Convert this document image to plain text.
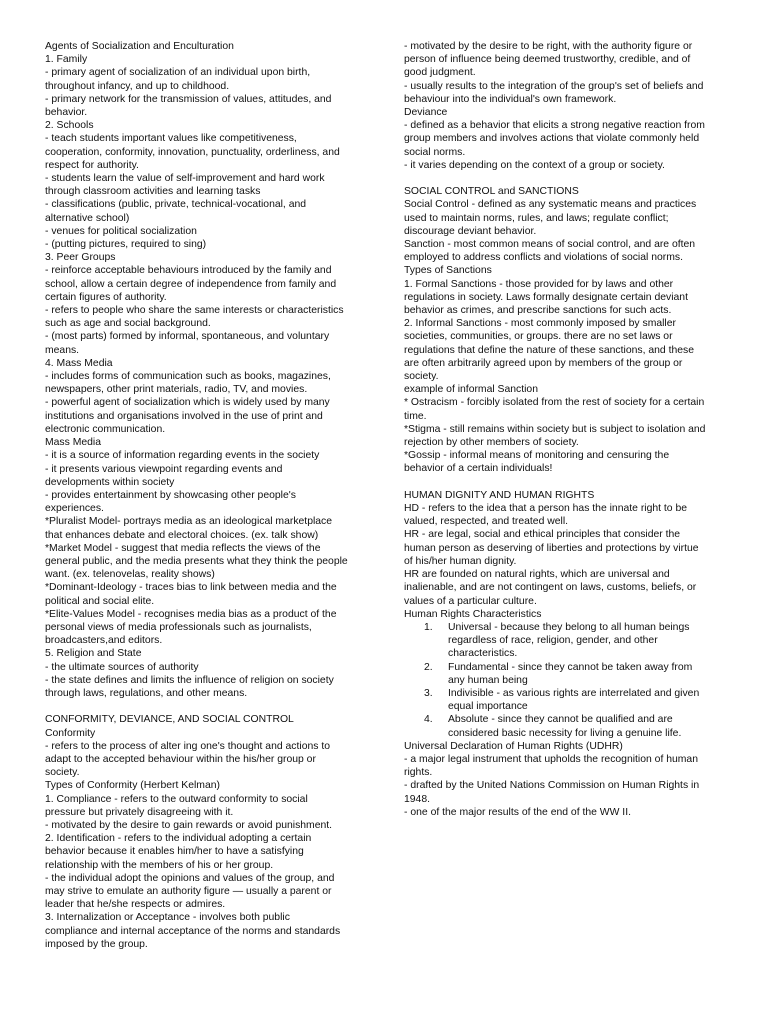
Agents of Socialization and Enculturation
1. Family
- primary agent of socialization of an individual upon birth,
throughout infancy, and up to childhood.
- primary network for the transmission of values, attitudes, and
behavior.
2. Schools
- teach students important values like competitiveness,
cooperation, conformity, innovation, punctuality, orderliness, and
respect for authority.
- students learn the value of self-improvement and hard work
through classroom activities and learning tasks
- classifications (public, private, technical-vocational, and
alternative school)
- venues for political socialization
- (putting pictures, required to sing)
3. Peer Groups
- reinforce acceptable behaviours introduced by the family and
school, allow a certain degree of independence from family and
certain figures of authority.
- refers to people who share the same interests or characteristics
such as age and social background.
- (most parts) formed by informal, spontaneous, and voluntary
means.
4. Mass Media
- includes forms of communication such as books, magazines,
newspapers, other print materials, radio, TV, and movies.
- powerful agent of socialization which is widely used by many
institutions and organisations involved in the use of print and
electronic communication.
Mass Media
- it is a source of information regarding events in the society
- it presents various viewpoint regarding events and
developments within society
- provides entertainment by showcasing other people's
experiences.
*Pluralist Model- portrays media as an ideological marketplace
that enhances debate and electoral choices. (ex. talk show)
*Market Model - suggest that media reflects the views of the
general public, and the media presents what they think the people
want. (ex. telenovelas, reality shows)
*Dominant-Ideology - traces bias to link between media and the
political and social elite.
*Elite-Values Model - recognises media bias as a product of the
personal views of media professionals such as journalists,
broadcasters,and editors.
5. Religion and State
- the ultimate sources of authority
- the state defines and limits the influence of religion on society
through laws, regulations, and other means.
CONFORMITY, DEVIANCE, AND SOCIAL CONTROL
Conformity
- refers to the process of alter ing one's thought and actions to
adapt to the accepted behaviour within the his/her group or
society.
Types of Conformity (Herbert Kelman)
1. Compliance - refers to the outward conformity to social
pressure but privately disagreeing with it.
- motivated by the desire to gain rewards or avoid punishment.
2. Identification - refers to the individual adopting a certain
behavior because it enables him/her to have a satisfying
relationship with the members of his or her group.
- the individual adopt the opinions and values of the group, and
may strive to emulate an authority figure — usually a parent or
leader that he/she respects or admires.
3. Internalization or Acceptance - involves both public
compliance and internal acceptance of the norms and standards
imposed by the group.
- motivated by the desire to be right, with the authority figure or
person of influence being deemed trustworthy, credible, and of
good judgment.
- usually results to the integration of the group's set of beliefs and
behaviour into the individual's own framework.
Deviance
- defined as a behavior that elicits a strong negative reaction from
group members and involves actions that violate commonly held
social norms.
- it varies depending on the context of a group or society.
SOCIAL CONTROL and SANCTIONS
Social Control - defined as any systematic means and practices
used to maintain norms, rules, and laws; regulate conflict;
discourage deviant behavior.
Sanction - most common means of social control, and are often
employed to address conflicts and violations of social norms.
Types of Sanctions
1. Formal Sanctions - those provided for by laws and other
regulations in society. Laws formally designate certain deviant
behavior as crimes, and prescribe sanctions for such acts.
2. Informal Sanctions - most commonly imposed by smaller
societies, communities, or groups. there are no set laws or
regulations that define the nature of these sanctions, and these
are often arbitrarily agreed upon by members of the group or
society.
example of informal Sanction
* Ostracism - forcibly isolated from the rest of society for a certain
time.
*Stigma - still remains within society but is subject to isolation and
rejection by other members of society.
*Gossip - informal means of monitoring and censuring the
behavior of a certain individuals!
HUMAN DIGNITY AND HUMAN RIGHTS
HD - refers to the idea that a person has the innate right to be
valued, respected, and treated well.
HR - are legal, social and ethical principles that consider the
human person as deserving of liberties and protections by virtue
of his/her human dignity.
HR are founded on natural rights, which are universal and
inalienable, and are not contingent on laws, customs, beliefs, or
values of a particular culture.
Human Rights Characteristics
1.	Universal - because they belong to all human beings
regardless of race, religion, gender, and other
characteristics.
2.	Fundamental - since they cannot be taken away from
any human being
3.	Indivisible - as various rights are interrelated and given
equal importance
4.	Absolute - since they cannot be qualified and are
considered basic necessity for living a genuine life.
Universal Declaration of Human Rights (UDHR)
- a major legal instrument that upholds the recognition of human
rights.
- drafted by the United Nations Commission on Human Rights in
1948.
- one of the major results of the end of the WW II.
